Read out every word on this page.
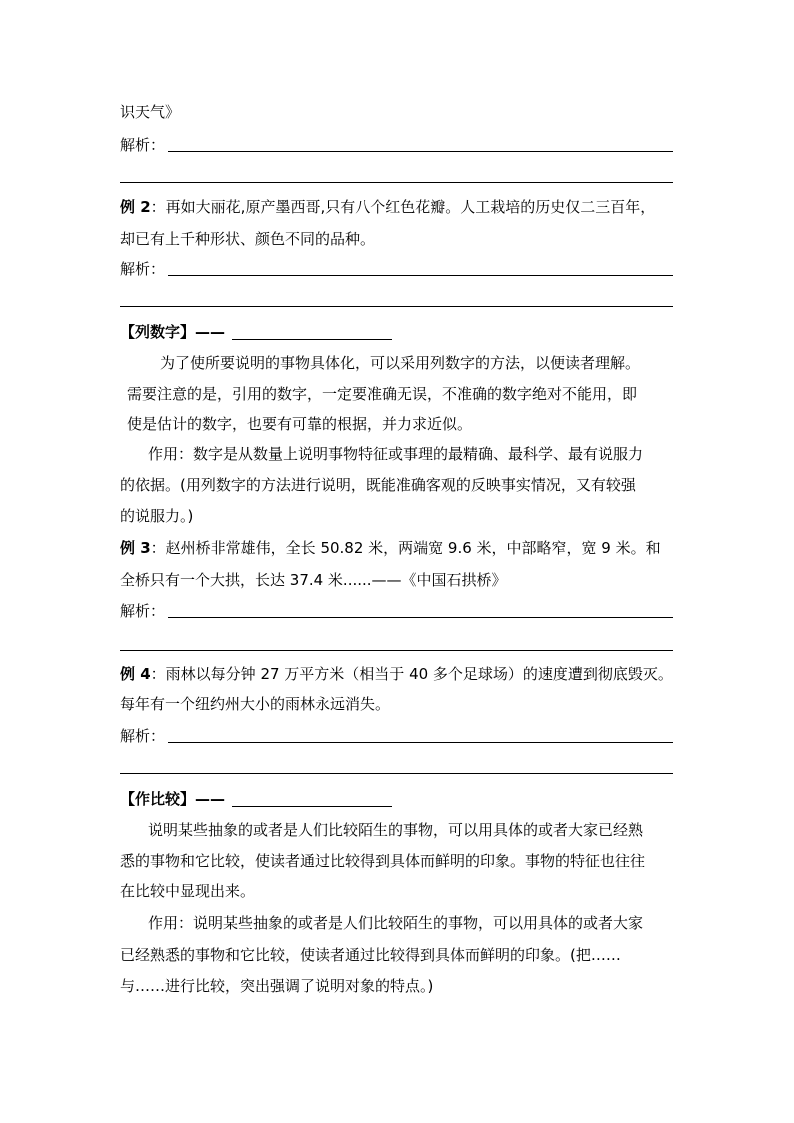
识天气》
解析：
例 2：再如大丽花,原产墨西哥,只有八个红色花瓣。人工栽培的历史仅二三百年，
却已有上千种形状、颜色不同的品种。
解析：
【列数字】——
为了使所要说明的事物具体化，可以采用列数字的方法，以便读者理解。
需要注意的是，引用的数字，一定要准确无误，不准确的数字绝对不能用，即
使是估计的数字，也要有可靠的根据，并力求近似。
作用：数字是从数量上说明事物特征或事理的最精确、最科学、最有说服力
的依据。(用列数字的方法进行说明，既能准确客观的反映事实情况，又有较强
的说服力。)
例 3：赵州桥非常雄伟，全长 50.82 米，两端宽 9.6 米，中部略窄，宽 9 米。和
全桥只有一个大拱，长达 37.4 米......——《中国石拱桥》
解析：
例 4：雨林以每分钟 27 万平方米（相当于 40 多个足球场）的速度遭到彻底毁灭。
每年有一个纽约州大小的雨林永远消失。
解析：
【作比较】——
说明某些抽象的或者是人们比较陌生的事物，可以用具体的或者大家已经熟
悉的事物和它比较，使读者通过比较得到具体而鲜明的印象。事物的特征也往往
在比较中显现出来。
作用：说明某些抽象的或者是人们比较陌生的事物，可以用具体的或者大家
已经熟悉的事物和它比较，使读者通过比较得到具体而鲜明的印象。(把……
与……进行比较，突出强调了说明对象的特点。)
